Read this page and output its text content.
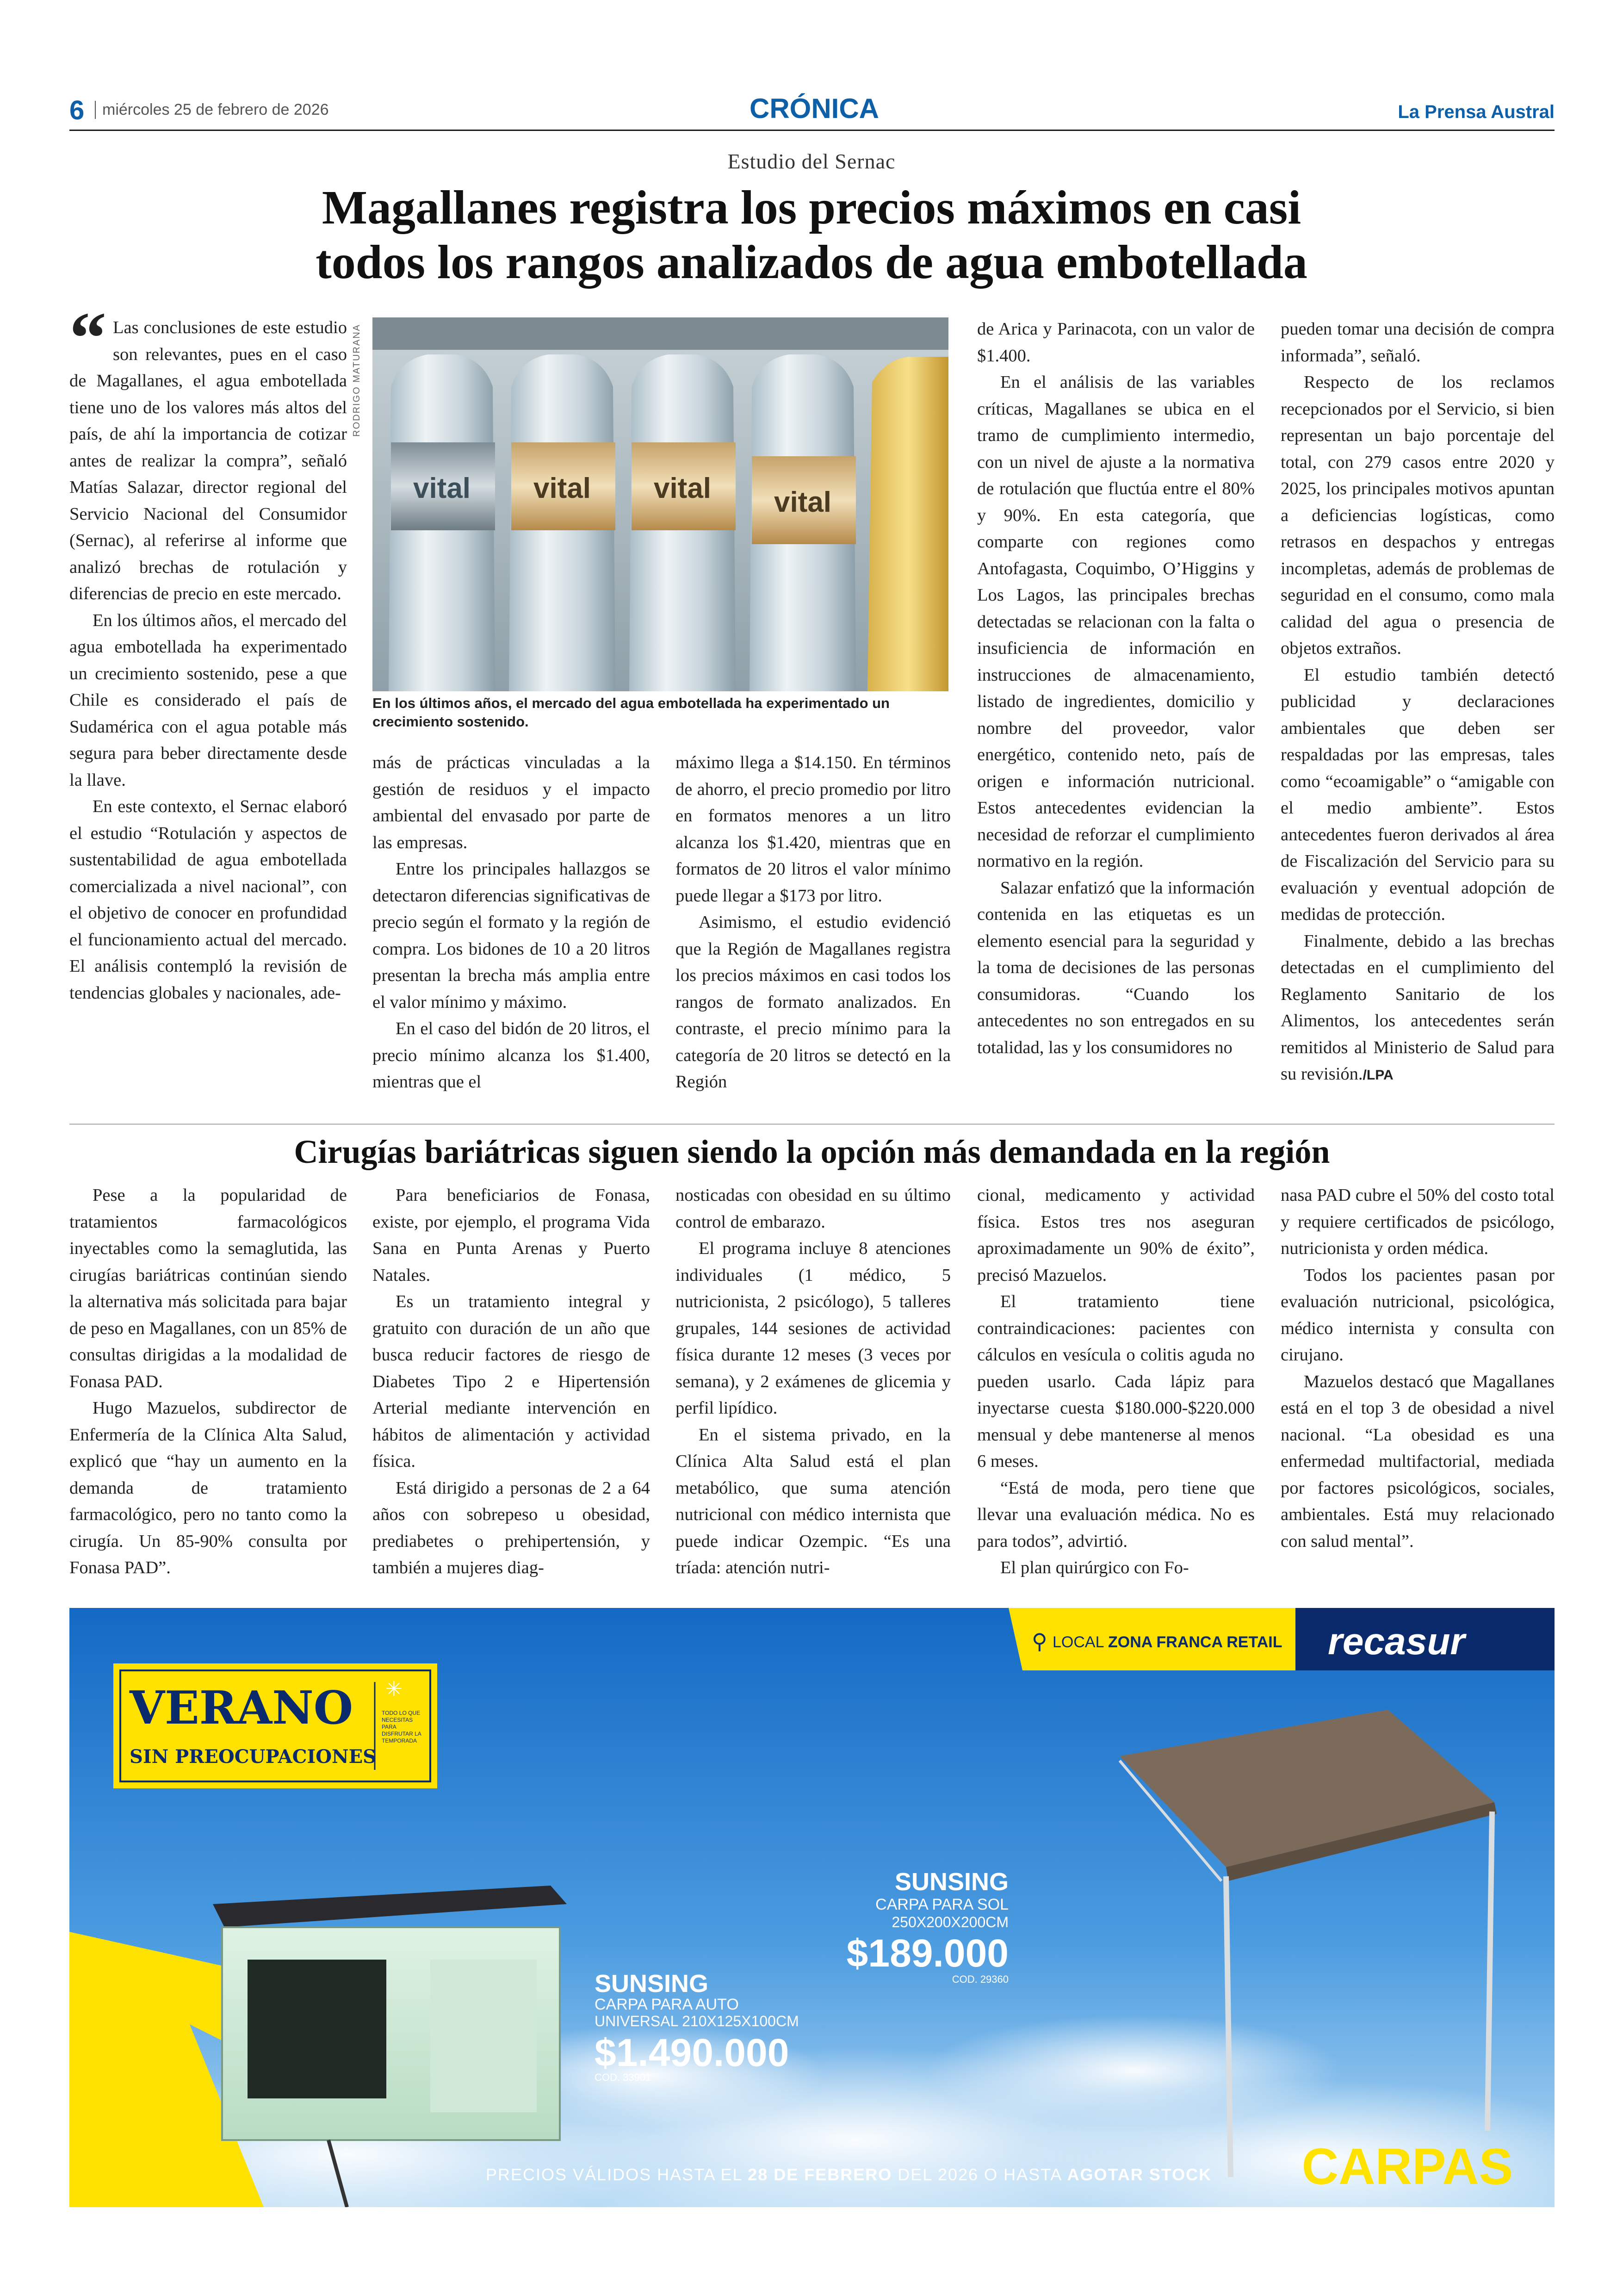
6	miércoles 25 de febrero de 2026	CRÓNICA	La Prensa Austral
Estudio del Sernac
Magallanes registra los precios máximos en casi
todos los rangos analizados de agua embotellada

“ Las conclusiones de este estudio son relevantes, pues en el caso de Magallanes, el agua embotellada tiene uno de los valores más altos del país, de ahí la importancia de cotizar antes de realizar la compra”, señaló Matías Salazar, director regional del Servicio Nacional del Consumidor (Sernac), al referirse al informe que analizó brechas de rotulación y diferencias de precio en este mercado.

En los últimos años, el mercado del agua embotellada ha experimentado un crecimiento sostenido, pese a que Chile es considerado el país de Sudamérica con el agua potable más segura para beber directamente desde la llave.

En este contexto, el Sernac elaboró el estudio “Rotulación y aspectos de sustentabilidad de agua embotellada comercializada a nivel nacional”, con el objetivo de conocer en profundidad el funcionamiento actual del mercado. El análisis contempló la revisión de tendencias globales y nacionales, ade-

RODRIGO MATURANA
vital vital vital vital
En los últimos años, el mercado del agua embotellada ha experimentado un crecimiento sostenido.

más de prácticas vinculadas a la gestión de residuos y el impacto ambiental del envasado por parte de las empresas.

Entre los principales hallazgos se detectaron diferencias significativas de precio según el formato y la región de compra. Los bidones de 10 a 20 litros presentan la brecha más amplia entre el valor mínimo y máximo.

En el caso del bidón de 20 litros, el precio mínimo alcanza los $1.400, mientras que el

máximo llega a $14.150. En términos de ahorro, el precio promedio por litro en formatos menores a un litro alcanza los $1.420, mientras que en formatos de 20 litros el valor mínimo puede llegar a $173 por litro.

Asimismo, el estudio evidenció que la Región de Magallanes registra los precios máximos en casi todos los rangos de formato analizados. En contraste, el precio mínimo para la categoría de 20 litros se detectó en la Región

de Arica y Parinacota, con un valor de $1.400.

En el análisis de las variables críticas, Magallanes se ubica en el tramo de cumplimiento intermedio, con un nivel de ajuste a la normativa de rotulación que fluctúa entre el 80% y 90%. En esta categoría, que comparte con regiones como Antofagasta, Coquimbo, O’Higgins y Los Lagos, las principales brechas detectadas se relacionan con la falta o insuficiencia de información en instrucciones de almacenamiento, listado de ingredientes, domicilio y nombre del proveedor, valor energético, contenido neto, país de origen e información nutricional. Estos antecedentes evidencian la necesidad de reforzar el cumplimiento normativo en la región.

Salazar enfatizó que la información contenida en las etiquetas es un elemento esencial para la seguridad y la toma de decisiones de las personas consumidoras. “Cuando los antecedentes no son entregados en su totalidad, las y los consumidores no

pueden tomar una decisión de compra informada”, señaló.

Respecto de los reclamos recepcionados por el Servicio, si bien representan un bajo porcentaje del total, con 279 casos entre 2020 y 2025, los principales motivos apuntan a deficiencias logísticas, como retrasos en despachos y entregas incompletas, además de problemas de seguridad en el consumo, como mala calidad del agua o presencia de objetos extraños.

El estudio también detectó publicidad y declaraciones ambientales que deben ser respaldadas por las empresas, tales como “ecoamigable” o “amigable con el medio ambiente”. Estos antecedentes fueron derivados al área de Fiscalización del Servicio para su evaluación y eventual adopción de medidas de protección.

Finalmente, debido a las brechas detectadas en el cumplimiento del Reglamento Sanitario de los Alimentos, los antecedentes serán remitidos al Ministerio de Salud para su revisión./LPA

Cirugías bariátricas siguen siendo la opción más demandada en la región

Pese a la popularidad de tratamientos farmacológicos inyectables como la semaglutida, las cirugías bariátricas continúan siendo la alternativa más solicitada para bajar de peso en Magallanes, con un 85% de consultas dirigidas a la modalidad de Fonasa PAD.

Hugo Mazuelos, subdirector de Enfermería de la Clínica Alta Salud, explicó que “hay un aumento en la demanda de tratamiento farmacológico, pero no tanto como la cirugía. Un 85-90% consulta por Fonasa PAD”.

Para beneficiarios de Fonasa, existe, por ejemplo, el programa Vida Sana en Punta Arenas y Puerto Natales.

Es un tratamiento integral y gratuito con duración de un año que busca reducir factores de riesgo de Diabetes Tipo 2 e Hipertensión Arterial mediante intervención en hábitos de alimentación y actividad física.

Está dirigido a personas de 2 a 64 años con sobrepeso u obesidad, prediabetes o prehipertensión, y también a mujeres diag-

nosticadas con obesidad en su último control de embarazo.

El programa incluye 8 atenciones individuales (1 médico, 5 nutricionista, 2 psicólogo), 5 talleres grupales, 144 sesiones de actividad física durante 12 meses (3 veces por semana), y 2 exámenes de glicemia y perfil lipídico.

En el sistema privado, en la Clínica Alta Salud está el plan metabólico, que suma atención nutricional con médico internista que puede indicar Ozempic. “Es una tríada: atención nutri-

cional, medicamento y actividad física. Estos tres nos aseguran aproximadamente un 90% de éxito”, precisó Mazuelos.

El tratamiento tiene contraindicaciones: pacientes con cálculos en vesícula o colitis aguda no pueden usarlo. Cada lápiz para inyectarse cuesta $180.000-$220.000 mensual y debe mantenerse al menos 6 meses.

“Está de moda, pero tiene que llevar una evaluación médica. No es para todos”, advirtió.

El plan quirúrgico con Fo-

nasa PAD cubre el 50% del costo total y requiere certificados de psicólogo, nutricionista y orden médica.

Todos los pacientes pasan por evaluación nutricional, psicológica, médico internista y consulta con cirujano.

Mazuelos destacó que Magallanes está en el top 3 de obesidad a nivel nacional. “La obesidad es una enfermedad multifactorial, mediada por factores psicológicos, sociales, ambientales. Está muy relacionado con salud mental”.

VERANO
SIN PREOCUPACIONES
✳
TODO LO QUE NECESITAS PARA DISFRUTAR LA TEMPORADA
⚲ LOCAL ZONA FRANCA RETAIL recasur
SUNSING
CARPA PARA SOL
250X200X200CM
$189.000
COD. 29360
SUNSING
CARPA PARA AUTO
UNIVERSAL 210X125X100CM
$1.490.000
COD. 33901
PRECIOS VÁLIDOS HASTA EL 28 DE FEBRERO DEL 2026 O HASTA AGOTAR STOCK CARPAS
